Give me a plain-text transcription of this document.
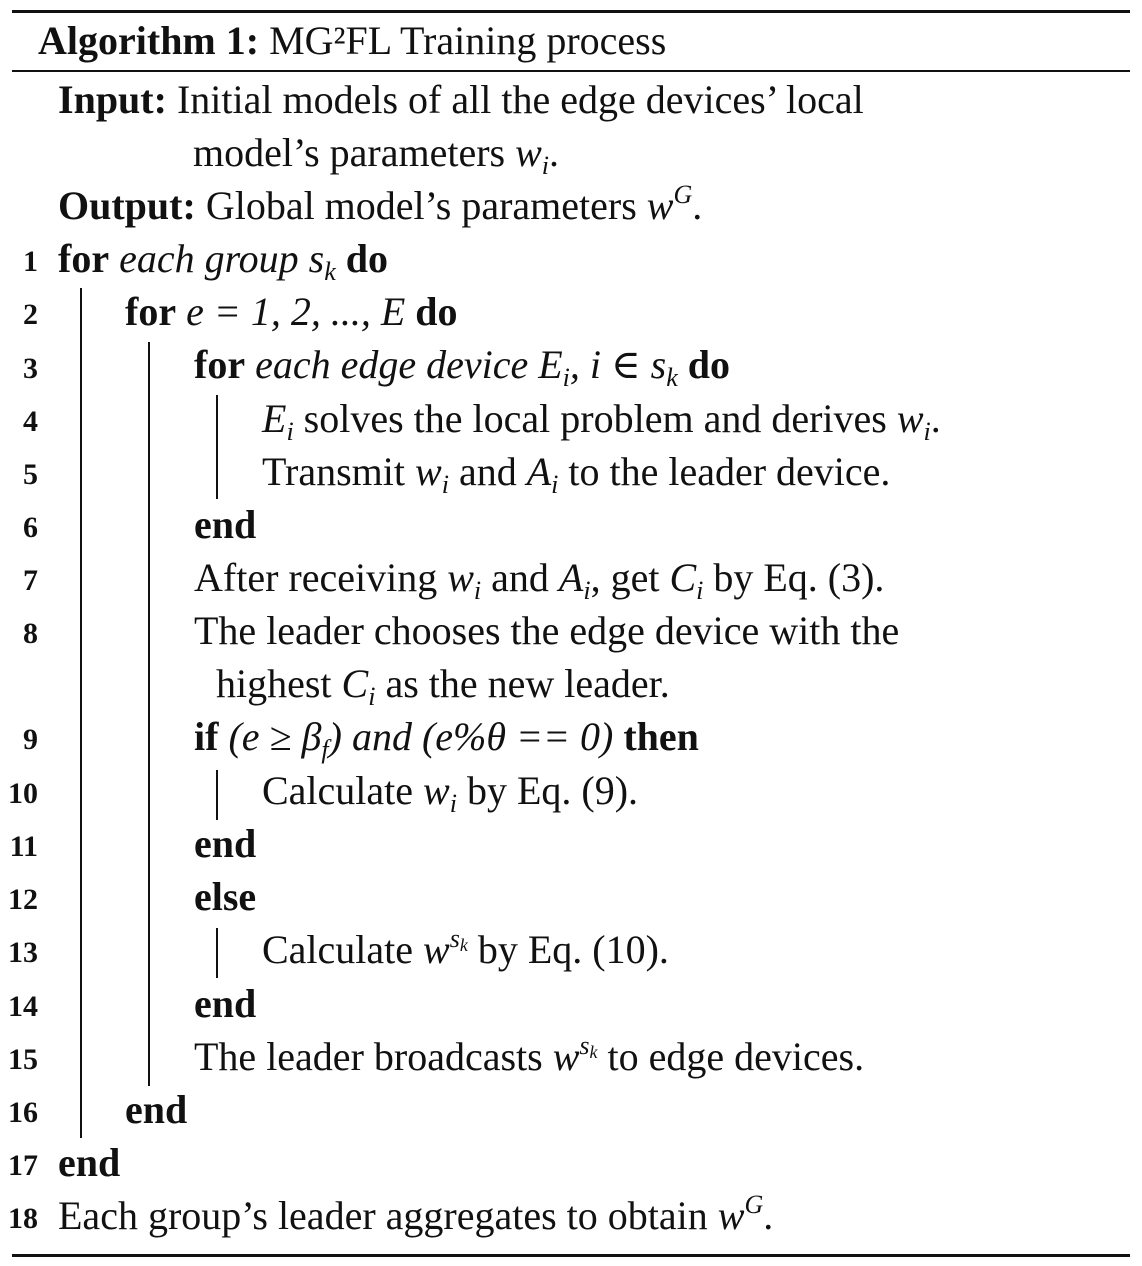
Algorithm 1: MG²FL Training process
Input: Initial models of all the edge devices’ local
model’s parameters $w_i$.
Output: Global model’s parameters $w^G$.
1
2
3
4
5
6
7
8
9
10
11
12
13
14
15
16
17
18
for each group $s_k$ do
for e = 1, 2, ..., E do
for each edge device $E_i$, i ∈ $s_k$ do
$E_i$ solves the local problem and derives $w_i$.
Transmit $w_i$ and $A_i$ to the leader device.
end
After receiving $w_i$ and $A_i$, get $C_i$ by Eq. (3).
The leader chooses the edge device with the
highest $C_i$ as the new leader.
if $(e \ge \beta_f)$ and (e%θ == 0) then
Calculate $w_i$ by Eq. (9).
end
else
Calculate $w^{s_k}$ by Eq. (10).
end
The leader broadcasts $w^{s_k}$ to edge devices.
end
end
Each group’s leader aggregates to obtain $w^G$.
